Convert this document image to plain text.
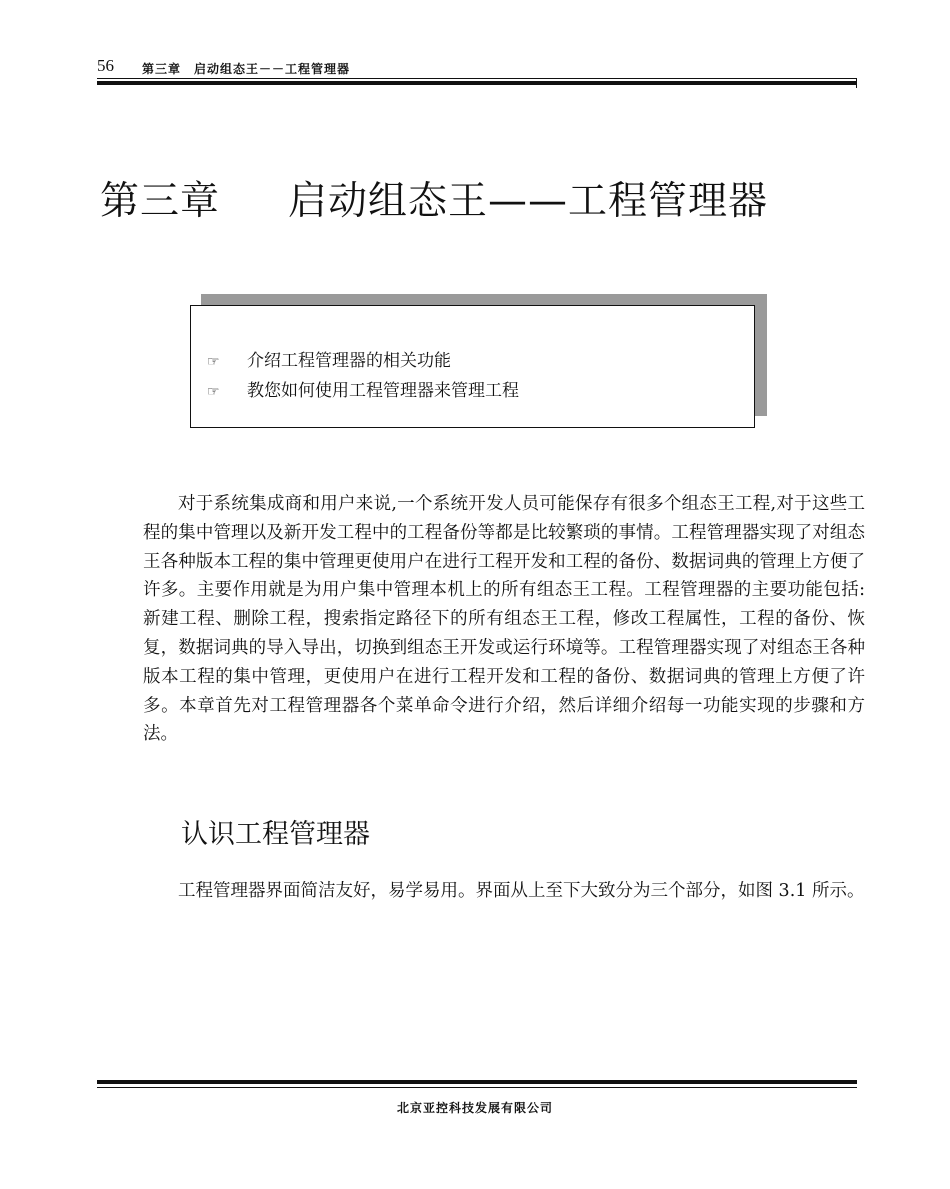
56 第三章　启动组态王－－工程管理器
第三章 启动组态王——工程管理器
☞ 介绍工程管理器的相关功能
☞ 教您如何使用工程管理器来管理工程

对于系统集成商和用户来说,一个系统开发人员可能保存有很多个组态王工程,对于这些工程的集中管理以及新开发工程中的工程备份等都是比较繁琐的事情。工程管理器实现了对组态王各种版本工程的集中管理更使用户在进行工程开发和工程的备份、数据词典的管理上方便了许多。主要作用就是为用户集中管理本机上的所有组态王工程。工程管理器的主要功能包括:新建工程、删除工程，搜索指定路径下的所有组态王工程，修改工程属性，工程的备份、恢复，数据词典的导入导出，切换到组态王开发或运行环境等。工程管理器实现了对组态王各种版本工程的集中管理，更使用户在进行工程开发和工程的备份、数据词典的管理上方便了许多。本章首先对工程管理器各个菜单命令进行介绍，然后详细介绍每一功能实现的步骤和方法。

认识工程管理器

工程管理器界面简洁友好，易学易用。界面从上至下大致分为三个部分，如图 3.1 所示。

北京亚控科技发展有限公司
